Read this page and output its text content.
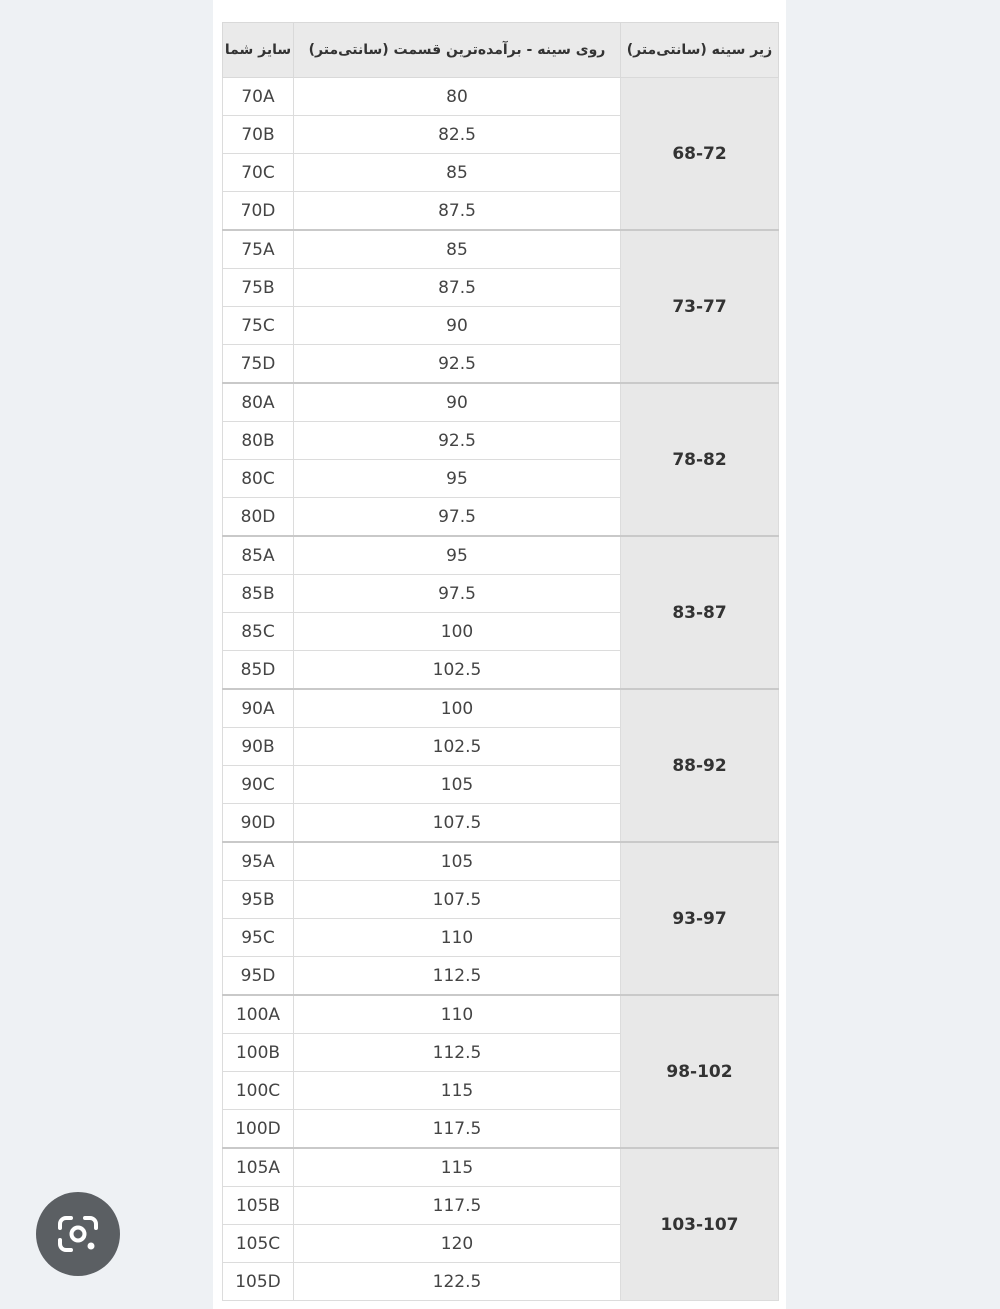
سایز شما	روی سینه - برآمده‌ترین قسمت (سانتی‌متر)	زیر سینه (سانتی‌متر)
70A	80	68-72
70B	82.5	
70C	85	
70D	87.5	
75A	85	73-77
75B	87.5	
75C	90	
75D	92.5	
80A	90	78-82
80B	92.5	
80C	95	
80D	97.5	
85A	95	83-87
85B	97.5	
85C	100	
85D	102.5	
90A	100	88-92
90B	102.5	
90C	105	
90D	107.5	
95A	105	93-97
95B	107.5	
95C	110	
95D	112.5	
100A	110	98-102
100B	112.5	
100C	115	
100D	117.5	
105A	115	103-107
105B	117.5	
105C	120	
105D	122.5	
